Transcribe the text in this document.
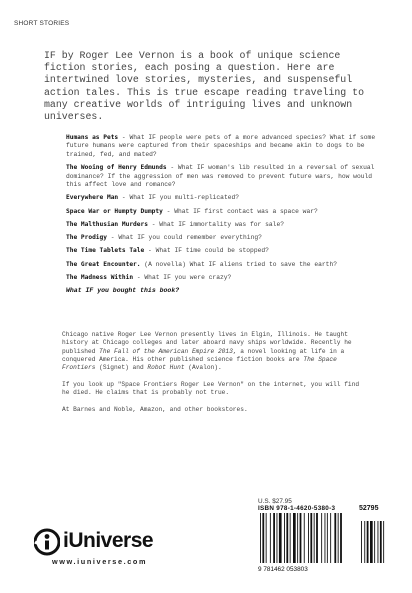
SHORT STORIES
IF by Roger Lee Vernon is a book of unique science fiction stories, each posing a question. Here are intertwined love stories, mysteries, and suspenseful action tales. This is true escape reading traveling to many creative worlds of intriguing lives and unknown universes.
Humans as Pets - What IF people were pets of a more advanced species? What if some future humans were captured from their spaceships and became akin to dogs to be trained, fed, and mated?
The Wooing of Henry Edmunds - What IF woman's lib resulted in a reversal of sexual dominance? If the aggression of men was removed to prevent future wars, how would this affect love and romance?
Everywhere Man - What IF you multi-replicated?
Space War or Humpty Dumpty - What IF first contact was a space war?
The Malthusian Murders - What IF immortality was for sale?
The Prodigy - What IF you could remember everything?
The Time Tablets Tale - What IF time could be stopped?
The Great Encounter. (A novella) What IF aliens tried to save the earth?
The Madness Within - What IF you were crazy?
What IF you bought this book?

Chicago native Roger Lee Vernon presently lives in Elgin, Illinois. He taught history at Chicago colleges and later aboard navy ships worldwide. Recently he published The Fall of the American Empire 2013, a novel looking at life in a conquered America. His other published science fiction books are The Space Frontiers (Signet) and Robot Hunt (Avalon).

If you look up "Space Frontiers Roger Lee Vernon" on the internet, you will find he died. He claims that is probably not true.

At Barnes and Noble, Amazon, and other bookstores.

U.S. $27.95
ISBN 978-1-4620-5380-3	52795
9 781462 053803
iUniverse
www.iuniverse.com
